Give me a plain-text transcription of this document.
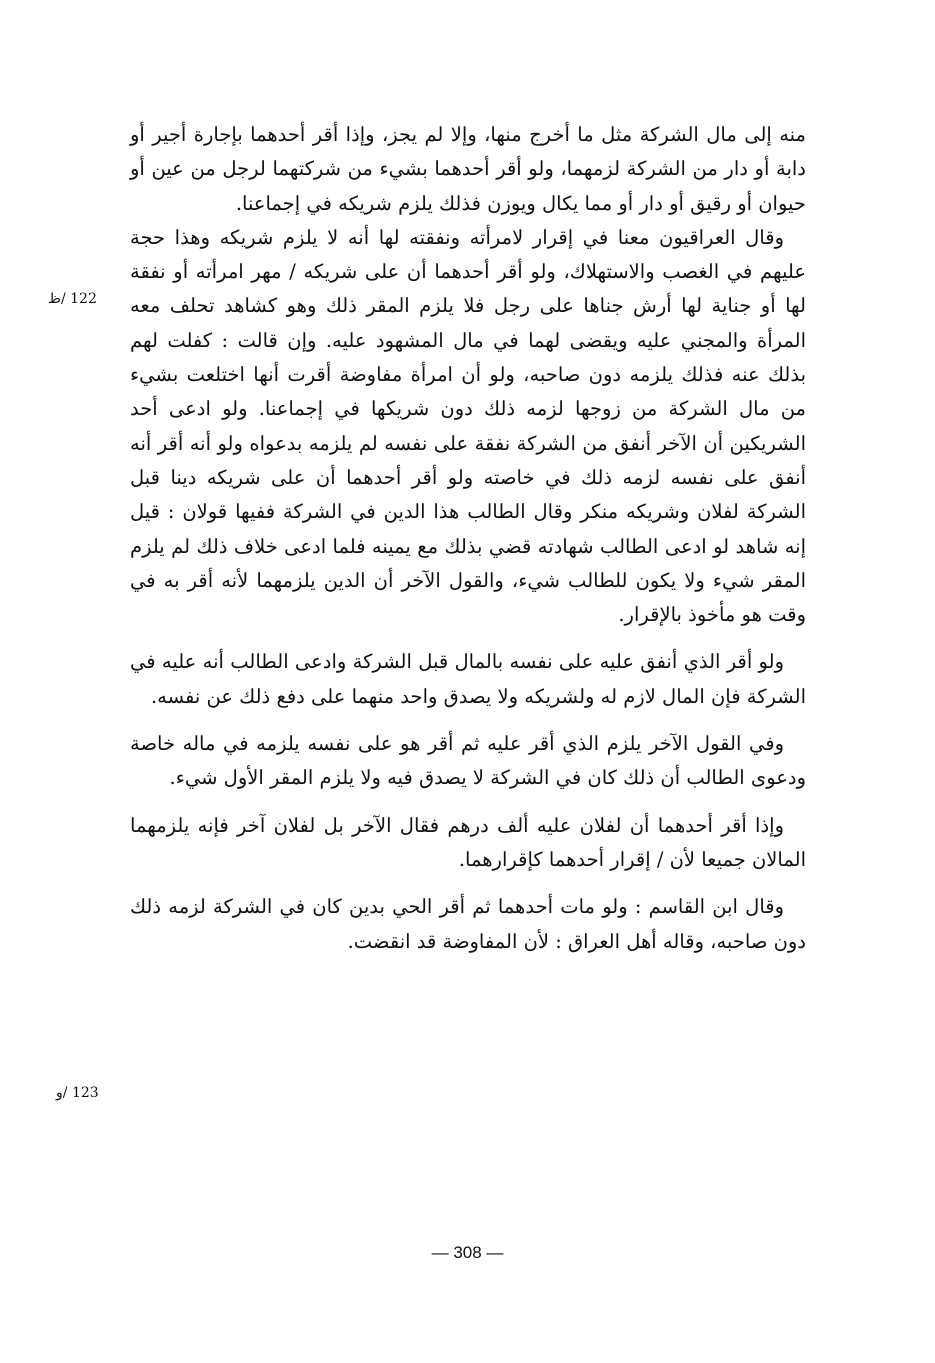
منه إلى مال الشركة مثل ما أخرج منها، وإلا لم يجز، وإذا أقر أحدهما بإجارة أجير أو دابة أو دار من الشركة لزمهما، ولو أقر أحدهما بشيء من شركتهما لرجل من عين أو حيوان أو رقيق أو دار أو مما يكال ويوزن فذلك يلزم شريكه في إجماعنا.

وقال العراقيون معنا في إقرار لامرأته ونفقته لها أنه لا يلزم شريكه وهذا حجة عليهم في الغصب والاستهلاك، ولو أقر أحدهما أن على شريكه / مهر امرأته أو نفقة لها أو جناية لها أرش جناها على رجل فلا يلزم المقر ذلك وهو كشاهد تحلف معه المرأة والمجني عليه ويقضى لهما في مال المشهود عليه. وإن قالت : كفلت لهم بذلك عنه فذلك يلزمه دون صاحبه، ولو أن امرأة مفاوضة أقرت أنها اختلعت بشيء من مال الشركة من زوجها لزمه ذلك دون شريكها في إجماعنا. ولو ادعى أحد الشريكين أن الآخر أنفق من الشركة نفقة على نفسه لم يلزمه بدعواه ولو أنه أقر أنه أنفق على نفسه لزمه ذلك في خاصته ولو أقر أحدهما أن على شريكه دينا قبل الشركة لفلان وشريكه منكر وقال الطالب هذا الدين في الشركة ففيها قولان : قيل إنه شاهد لو ادعى الطالب شهادته قضي بذلك مع يمينه فلما ادعى خلاف ذلك لم يلزم المقر شيء ولا يكون للطالب شيء، والقول الآخر أن الدين يلزمهما لأنه أقر به في وقت هو مأخوذ بالإقرار.

ولو أقر الذي أنفق عليه على نفسه بالمال قبل الشركة وادعى الطالب أنه عليه في الشركة فإن المال لازم له ولشريكه ولا يصدق واحد منهما على دفع ذلك عن نفسه.

وفي القول الآخر يلزم الذي أقر عليه ثم أقر هو على نفسه يلزمه في ماله خاصة ودعوى الطالب أن ذلك كان في الشركة لا يصدق فيه ولا يلزم المقر الأول شيء.

وإذا أقر أحدهما أن لفلان عليه ألف درهم فقال الآخر بل لفلان آخر فإنه يلزمهما المالان جميعا لأن / إقرار أحدهما كإقرارهما.

وقال ابن القاسم : ولو مات أحدهما ثم أقر الحي بدين كان في الشركة لزمه ذلك دون صاحبه، وقاله أهل العراق : لأن المفاوضة قد انقضت.

122 /ظ
123 /و
— 308 —
